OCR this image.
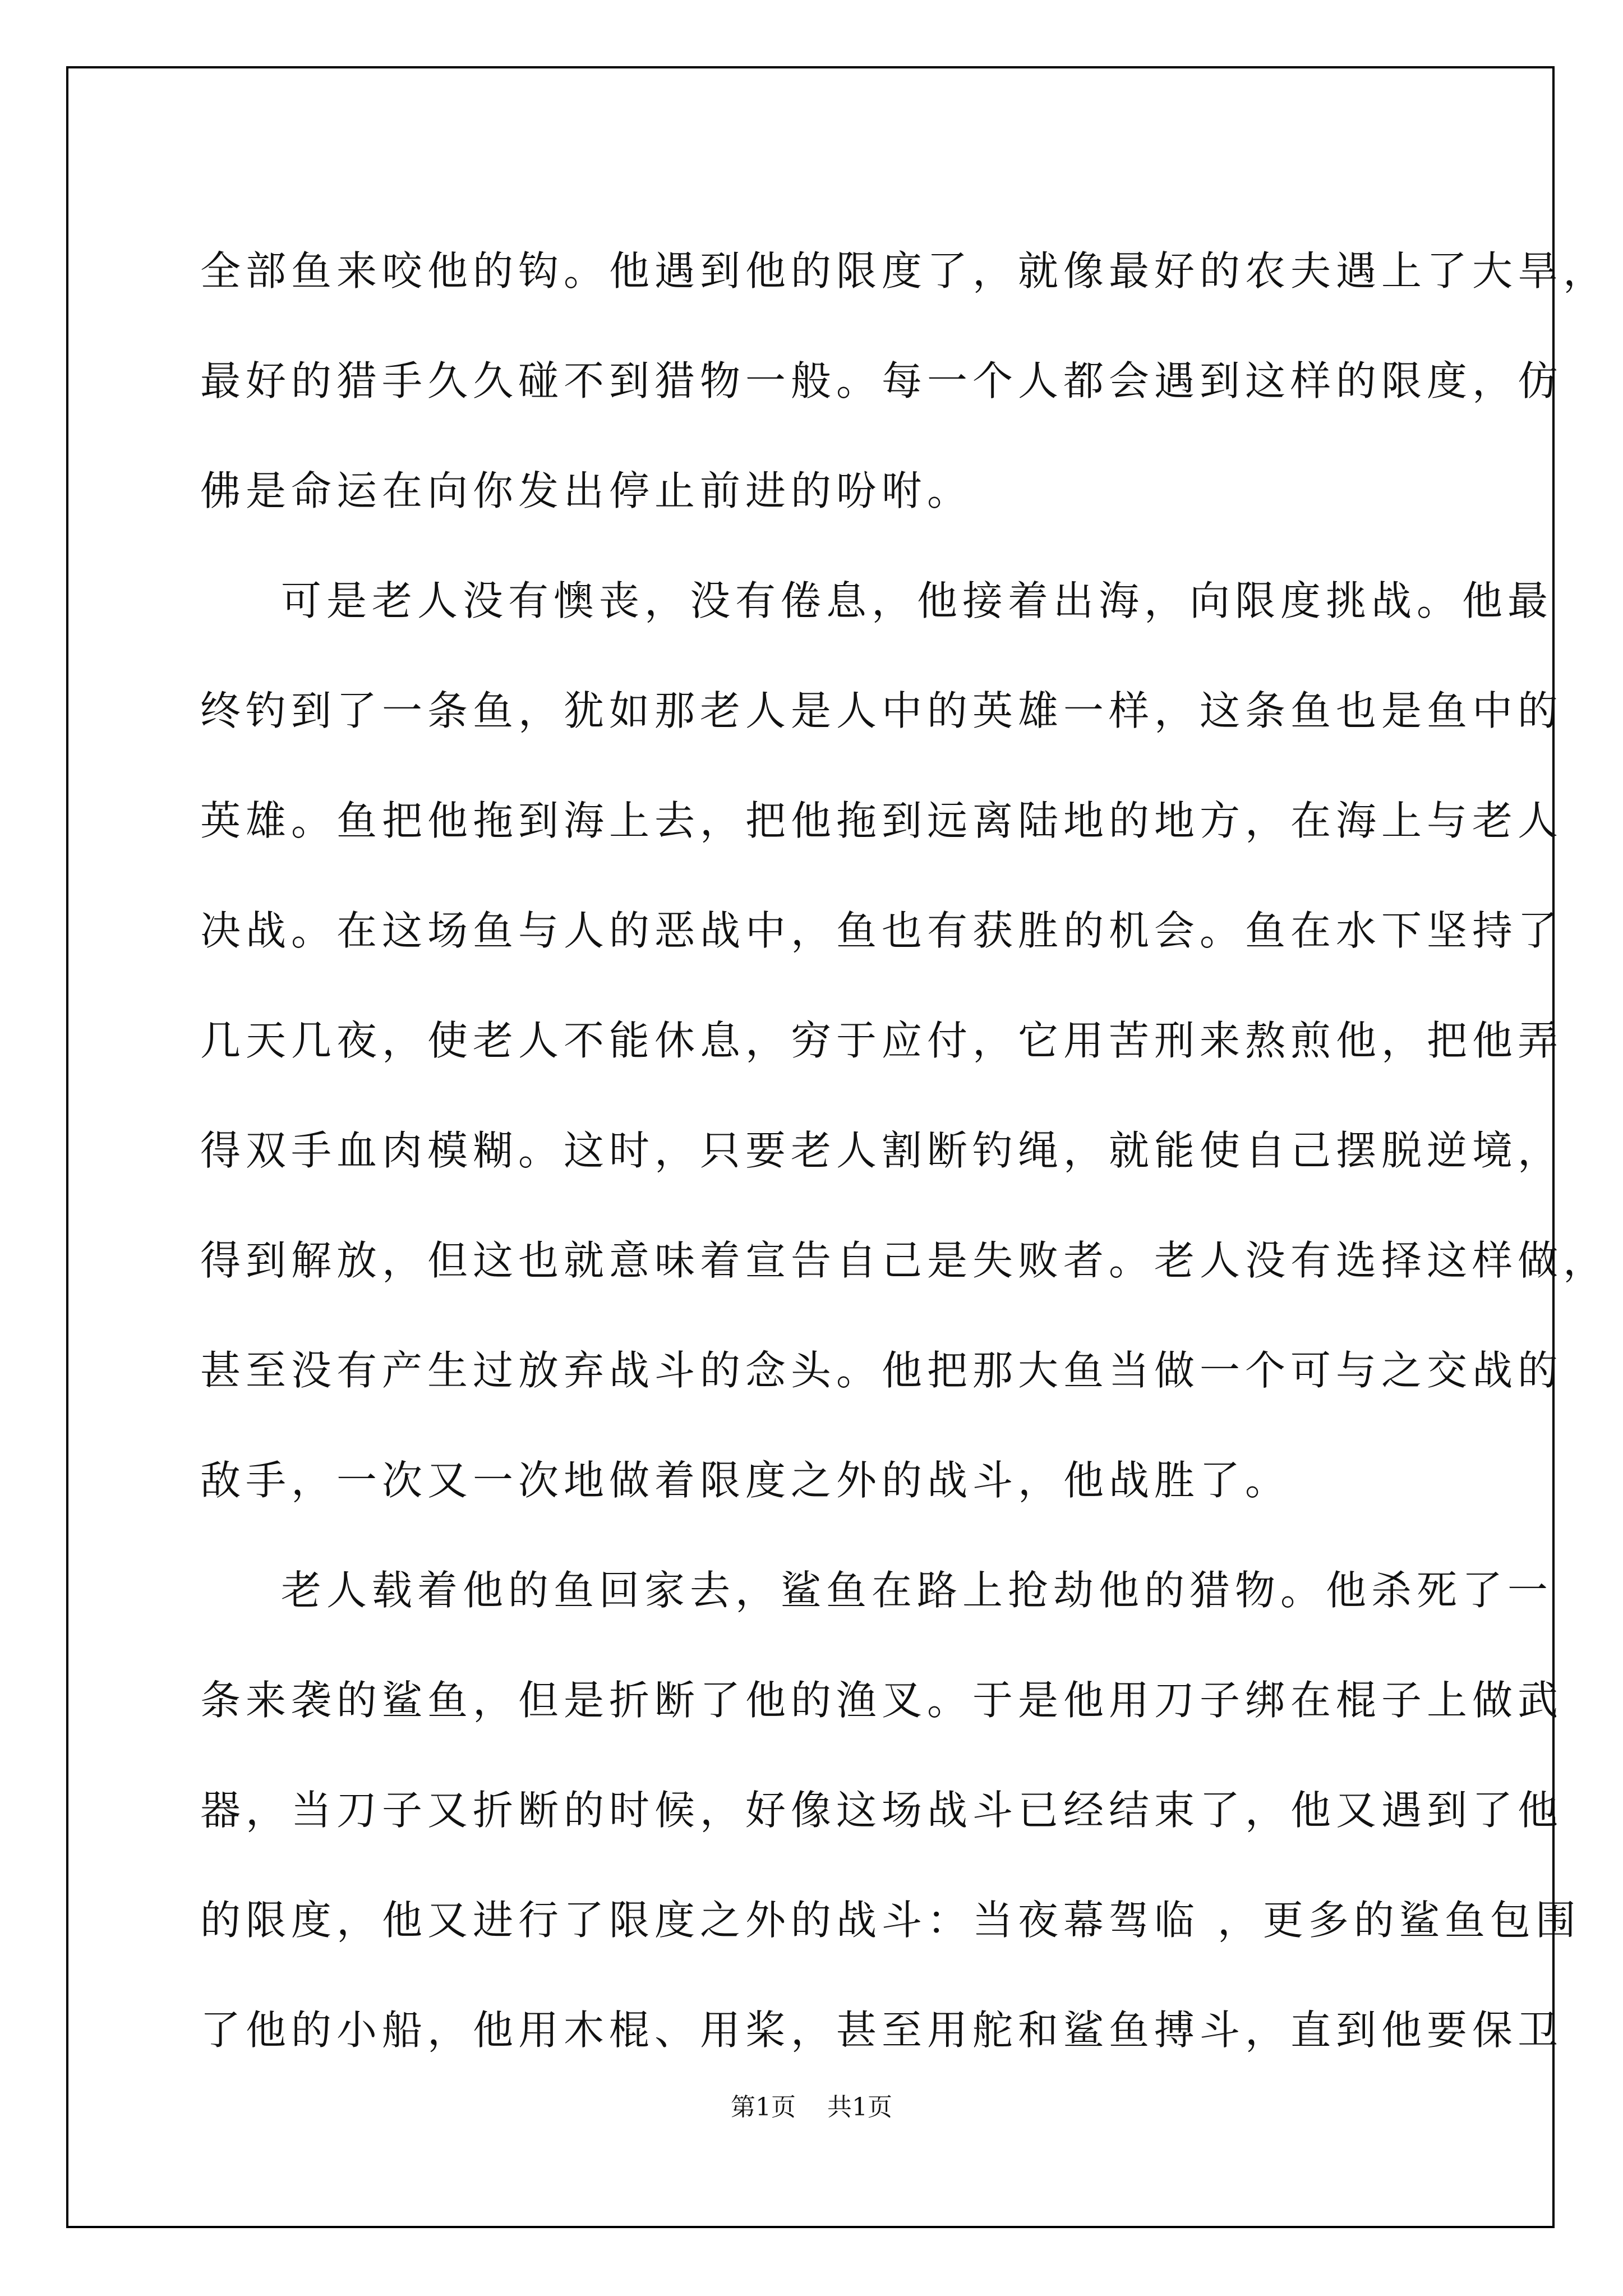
全部鱼来咬他的钩。他遇到他的限度了，就像最好的农夫遇上了大旱，
最好的猎手久久碰不到猎物一般。每一个人都会遇到这样的限度，仿
佛是命运在向你发出停止前进的吩咐。
可是老人没有懊丧，没有倦息，他接着出海，向限度挑战。他最
终钓到了一条鱼，犹如那老人是人中的英雄一样，这条鱼也是鱼中的
英雄。鱼把他拖到海上去，把他拖到远离陆地的地方，在海上与老人
决战。在这场鱼与人的恶战中，鱼也有获胜的机会。鱼在水下坚持了
几天几夜，使老人不能休息，穷于应付，它用苦刑来熬煎他，把他弄
得双手血肉模糊。这时，只要老人割断钓绳，就能使自己摆脱逆境，
得到解放，但这也就意味着宣告自己是失败者。老人没有选择这样做，
甚至没有产生过放弃战斗的念头。他把那大鱼当做一个可与之交战的
敌手，一次又一次地做着限度之外的战斗，他战胜了。
老人载着他的鱼回家去，鲨鱼在路上抢劫他的猎物。他杀死了一
条来袭的鲨鱼，但是折断了他的渔叉。于是他用刀子绑在棍子上做武
器，当刀子又折断的时候，好像这场战斗已经结束了，他又遇到了他
的限度，他又进行了限度之外的战斗：当夜幕驾临 ，更多的鲨鱼包围
了他的小船，他用木棍、用桨，甚至用舵和鲨鱼搏斗，直到他要保卫
第1页 共1页
